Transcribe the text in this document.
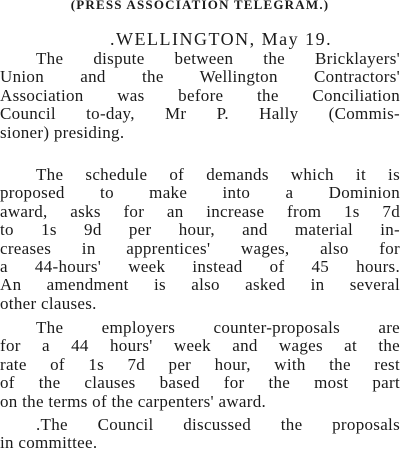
(PRESS ASSOCIATION TELEGRAM.)
.WELLINGTON, May 19.
The dispute between the Bricklayers'
Union and the Wellington Contractors'
Association was before the Conciliation
Council to-day, Mr P. Hally (Commis-
sioner) presiding.
The schedule of demands which it is
proposed to make into a Dominion
award, asks for an increase from 1s 7d
to 1s 9d per hour, and material in-
creases in apprentices' wages, also for
a 44-hours' week instead of 45 hours.
An amendment is also asked in several
other clauses.
The employers counter-proposals are
for a 44 hours' week and wages at the
rate of 1s 7d per hour, with the rest
of the clauses based for the most part
on the terms of the carpenters' award.
.The Council discussed the proposals
in committee.
